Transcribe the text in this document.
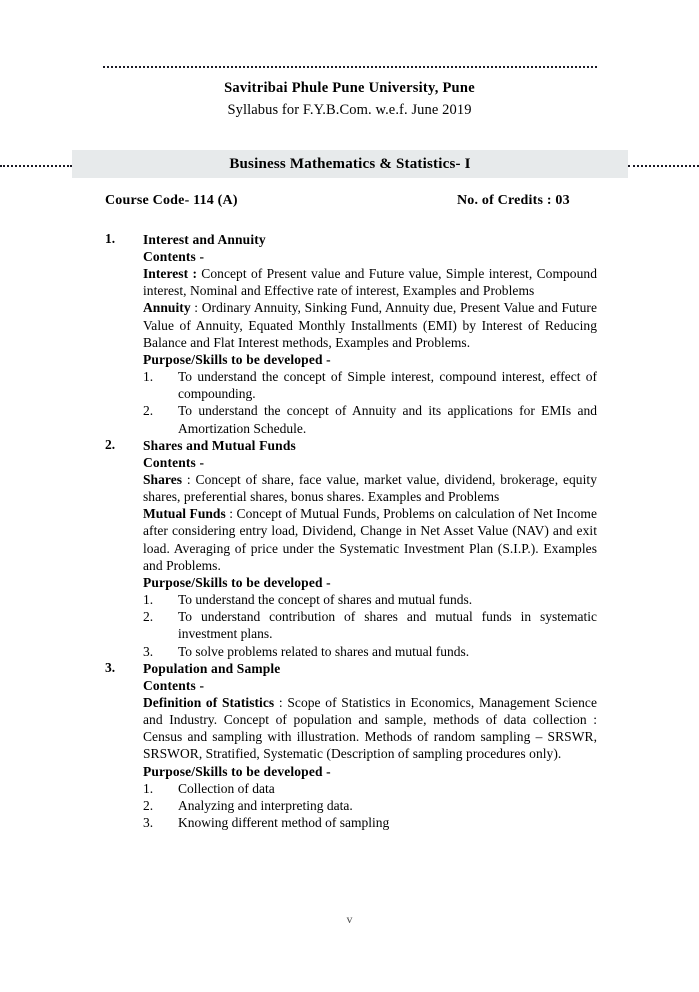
Savitribai Phule Pune University, Pune
Syllabus for F.Y.B.Com. w.e.f. June 2019
Business Mathematics & Statistics- I
Course Code- 114 (A)	No. of Credits : 03
1. Interest and Annuity
Contents -
Interest : Concept of Present value and Future value, Simple interest, Compound interest, Nominal and Effective rate of interest, Examples and Problems
Annuity : Ordinary Annuity, Sinking Fund, Annuity due, Present Value and Future Value of Annuity, Equated Monthly Installments (EMI) by Interest of Reducing Balance and Flat Interest methods, Examples and Problems.
Purpose/Skills to be developed -
1. To understand the concept of Simple interest, compound interest, effect of compounding.
2. To understand the concept of Annuity and its applications for EMIs and Amortization Schedule.
2. Shares and Mutual Funds
Contents -
Shares : Concept of share, face value, market value, dividend, brokerage, equity shares, preferential shares, bonus shares. Examples and Problems
Mutual Funds : Concept of Mutual Funds, Problems on calculation of Net Income after considering entry load, Dividend, Change in Net Asset Value (NAV) and exit load. Averaging of price under the Systematic Investment Plan (S.I.P.). Examples and Problems.
Purpose/Skills to be developed -
1. To understand the concept of shares and mutual funds.
2. To understand contribution of shares and mutual funds in systematic investment plans.
3. To solve problems related to shares and mutual funds.
3. Population and Sample
Contents -
Definition of Statistics : Scope of Statistics in Economics, Management Science and Industry. Concept of population and sample, methods of data collection : Census and sampling with illustration. Methods of random sampling – SRSWR, SRSWOR, Stratified, Systematic (Description of sampling procedures only).
Purpose/Skills to be developed -
1. Collection of data
2. Analyzing and interpreting data.
3. Knowing different method of sampling
v
